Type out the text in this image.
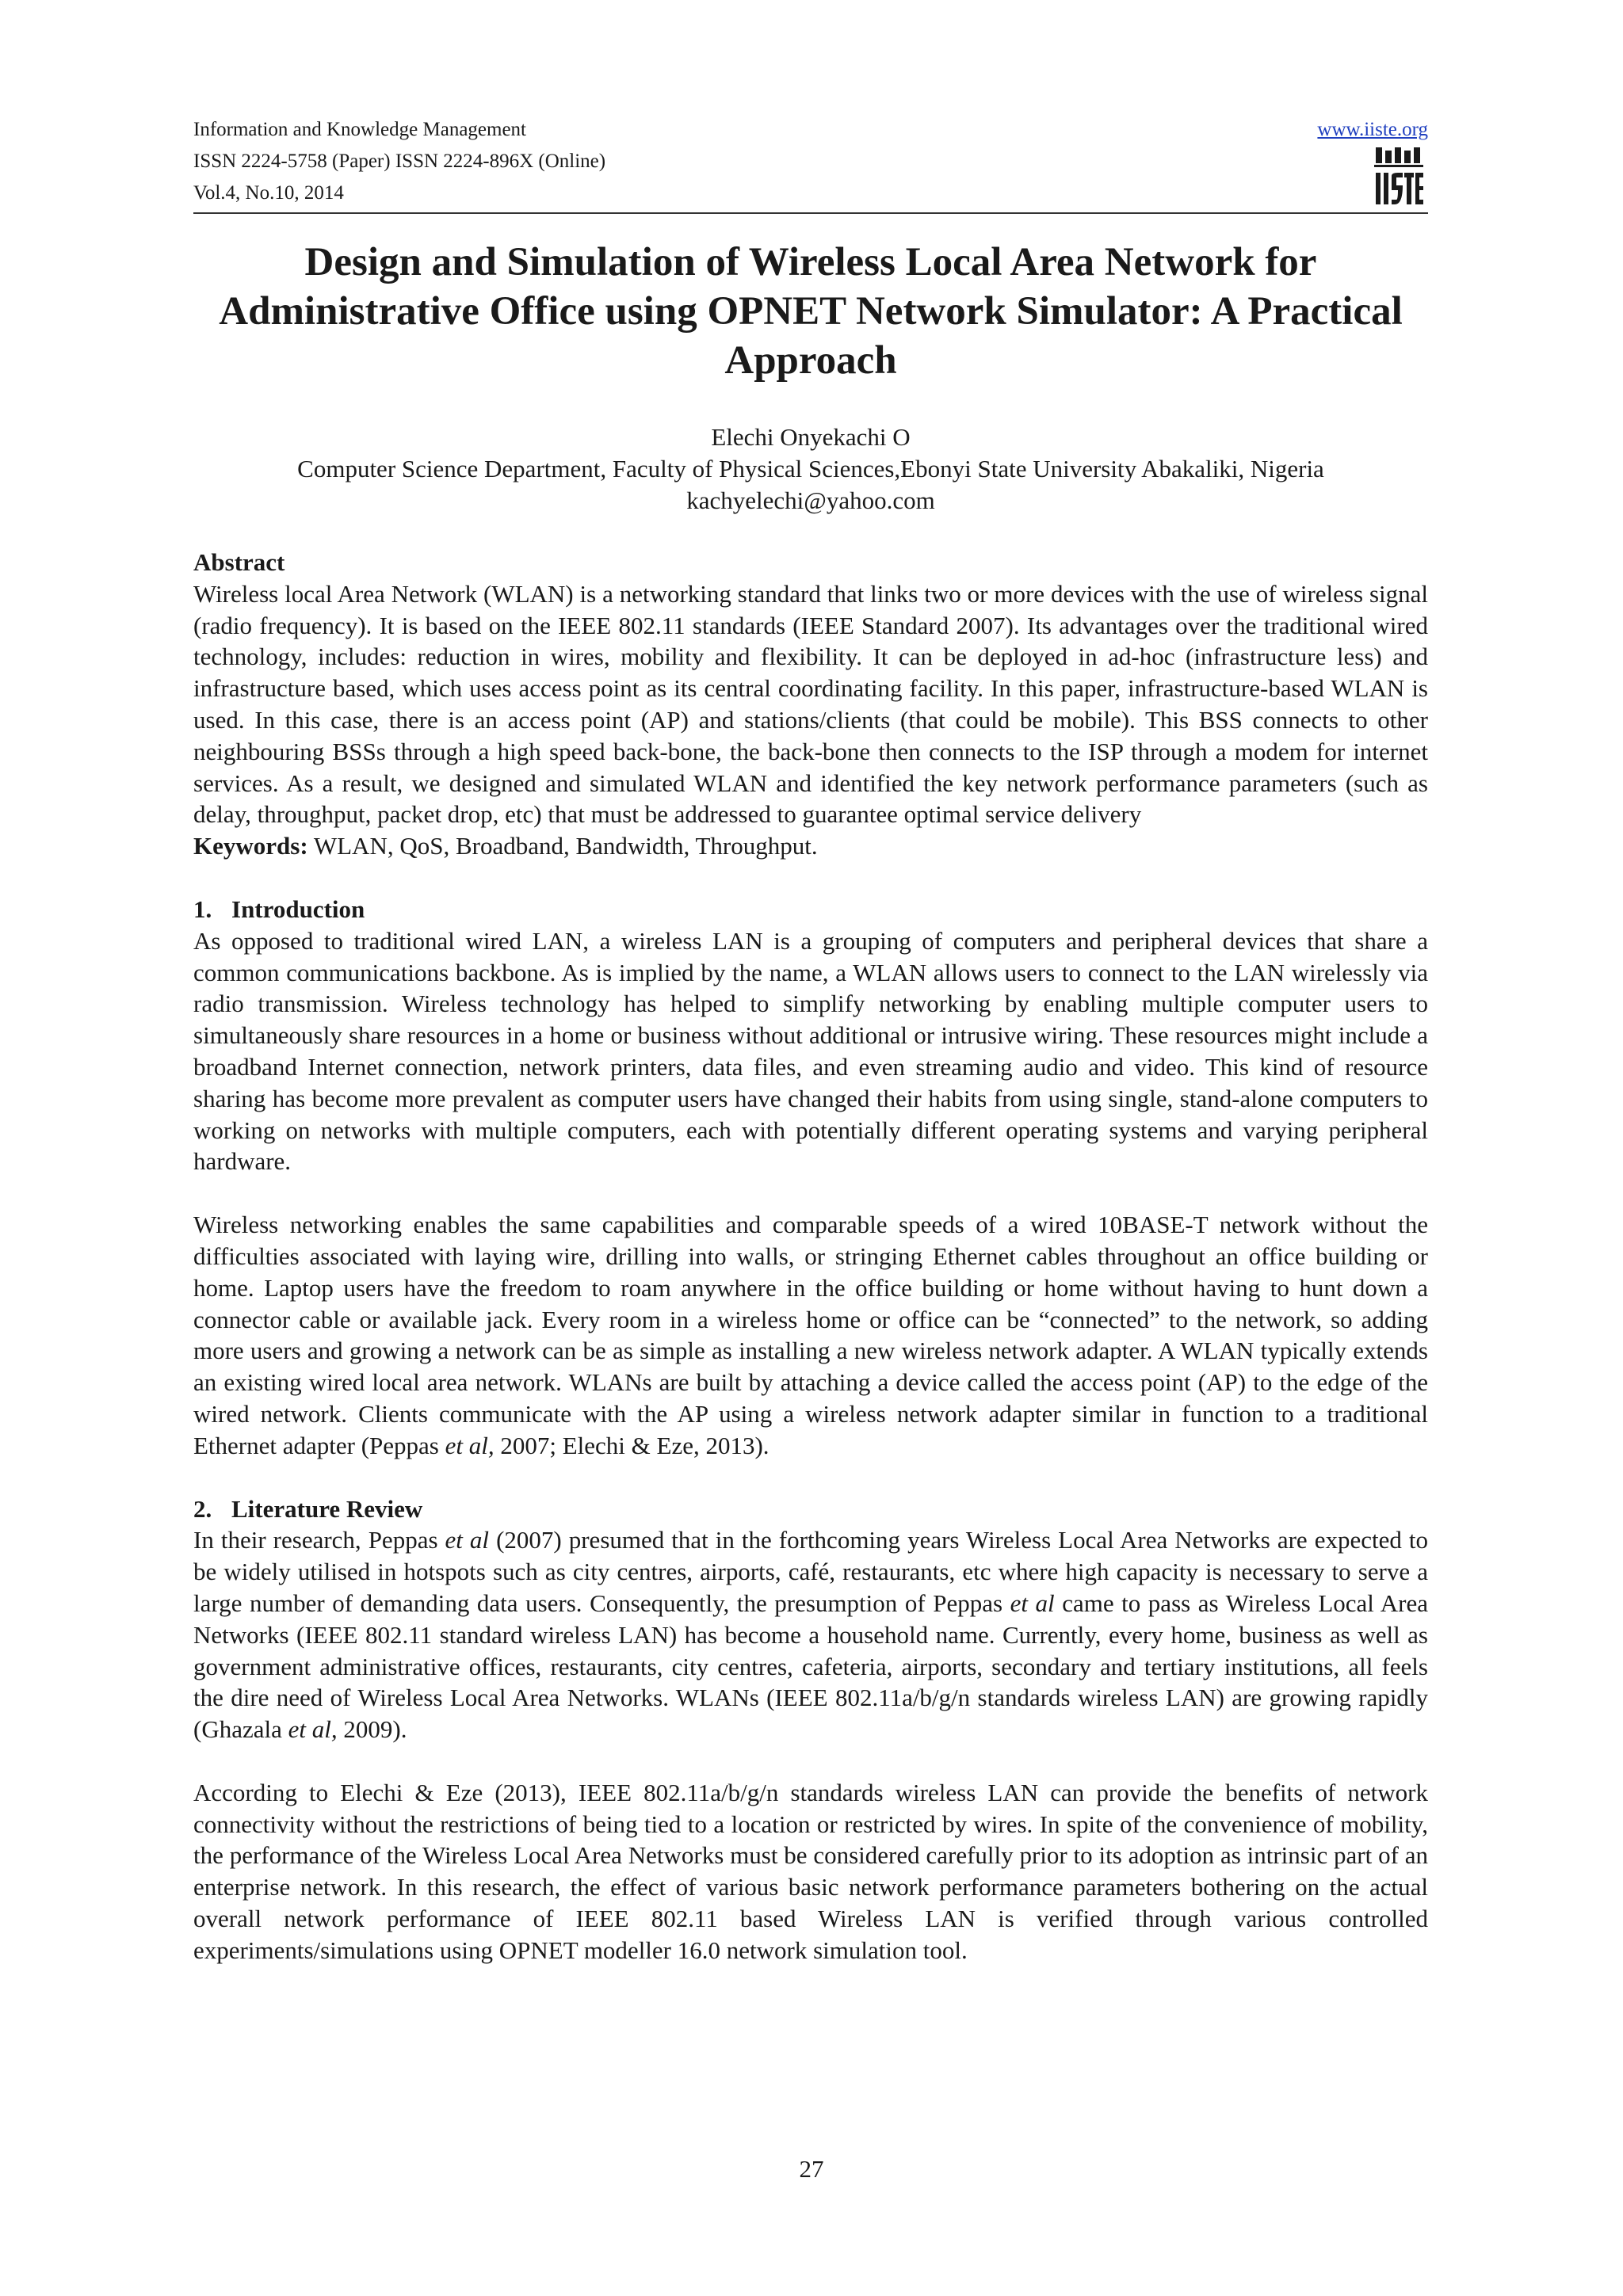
Information and Knowledge Management
ISSN 2224-5758 (Paper) ISSN 2224-896X (Online)
Vol.4, No.10, 2014
www.iiste.org
Design and Simulation of Wireless Local Area Network for Administrative Office using OPNET Network Simulator: A Practical Approach
Elechi Onyekachi O
Computer Science Department, Faculty of Physical Sciences,Ebonyi State University Abakaliki, Nigeria
kachyelechi@yahoo.com

Abstract

Wireless local Area Network (WLAN) is a networking standard that links two or more devices with the use of wireless signal (radio frequency). It is based on the IEEE 802.11 standards (IEEE Standard 2007). Its advantages over the traditional wired technology, includes: reduction in wires, mobility and flexibility. It can be deployed in ad-hoc (infrastructure less) and infrastructure based, which uses access point as its central coordinating facility. In this paper, infrastructure-based WLAN is used. In this case, there is an access point (AP) and stations/clients (that could be mobile). This BSS connects to other neighbouring BSSs through a high speed back-bone, the back-bone then connects to the ISP through a modem for internet services. As a result, we designed and simulated WLAN and identified the key network performance parameters (such as delay, throughput, packet drop, etc) that must be addressed to guarantee optimal service delivery

Keywords: WLAN, QoS, Broadband, Bandwidth, Throughput.

1. Introduction

As opposed to traditional wired LAN, a wireless LAN is a grouping of computers and peripheral devices that share a common communications backbone. As is implied by the name, a WLAN allows users to connect to the LAN wirelessly via radio transmission. Wireless technology has helped to simplify networking by enabling multiple computer users to simultaneously share resources in a home or business without additional or intrusive wiring. These resources might include a broadband Internet connection, network printers, data files, and even streaming audio and video. This kind of resource sharing has become more prevalent as computer users have changed their habits from using single, stand-alone computers to working on networks with multiple computers, each with potentially different operating systems and varying peripheral hardware.

Wireless networking enables the same capabilities and comparable speeds of a wired 10BASE-T network without the difficulties associated with laying wire, drilling into walls, or stringing Ethernet cables throughout an office building or home. Laptop users have the freedom to roam anywhere in the office building or home without having to hunt down a connector cable or available jack. Every room in a wireless home or office can be “connected” to the network, so adding more users and growing a network can be as simple as installing a new wireless network adapter. A WLAN typically extends an existing wired local area network. WLANs are built by attaching a device called the access point (AP) to the edge of the wired network. Clients communicate with the AP using a wireless network adapter similar in function to a traditional Ethernet adapter (Peppas et al, 2007; Elechi & Eze, 2013).

2. Literature Review

In their research, Peppas et al (2007) presumed that in the forthcoming years Wireless Local Area Networks are expected to be widely utilised in hotspots such as city centres, airports, café, restaurants, etc where high capacity is necessary to serve a large number of demanding data users. Consequently, the presumption of Peppas et al came to pass as Wireless Local Area Networks (IEEE 802.11 standard wireless LAN) has become a household name. Currently, every home, business as well as government administrative offices, restaurants, city centres, cafeteria, airports, secondary and tertiary institutions, all feels the dire need of Wireless Local Area Networks. WLANs (IEEE 802.11a/b/g/n standards wireless LAN) are growing rapidly (Ghazala et al, 2009).

According to Elechi & Eze (2013), IEEE 802.11a/b/g/n standards wireless LAN can provide the benefits of network connectivity without the restrictions of being tied to a location or restricted by wires. In spite of the convenience of mobility, the performance of the Wireless Local Area Networks must be considered carefully prior to its adoption as intrinsic part of an enterprise network. In this research, the effect of various basic network performance parameters bothering on the actual overall network performance of IEEE 802.11 based Wireless LAN is verified through various controlled experiments/simulations using OPNET modeller 16.0 network simulation tool.

27
